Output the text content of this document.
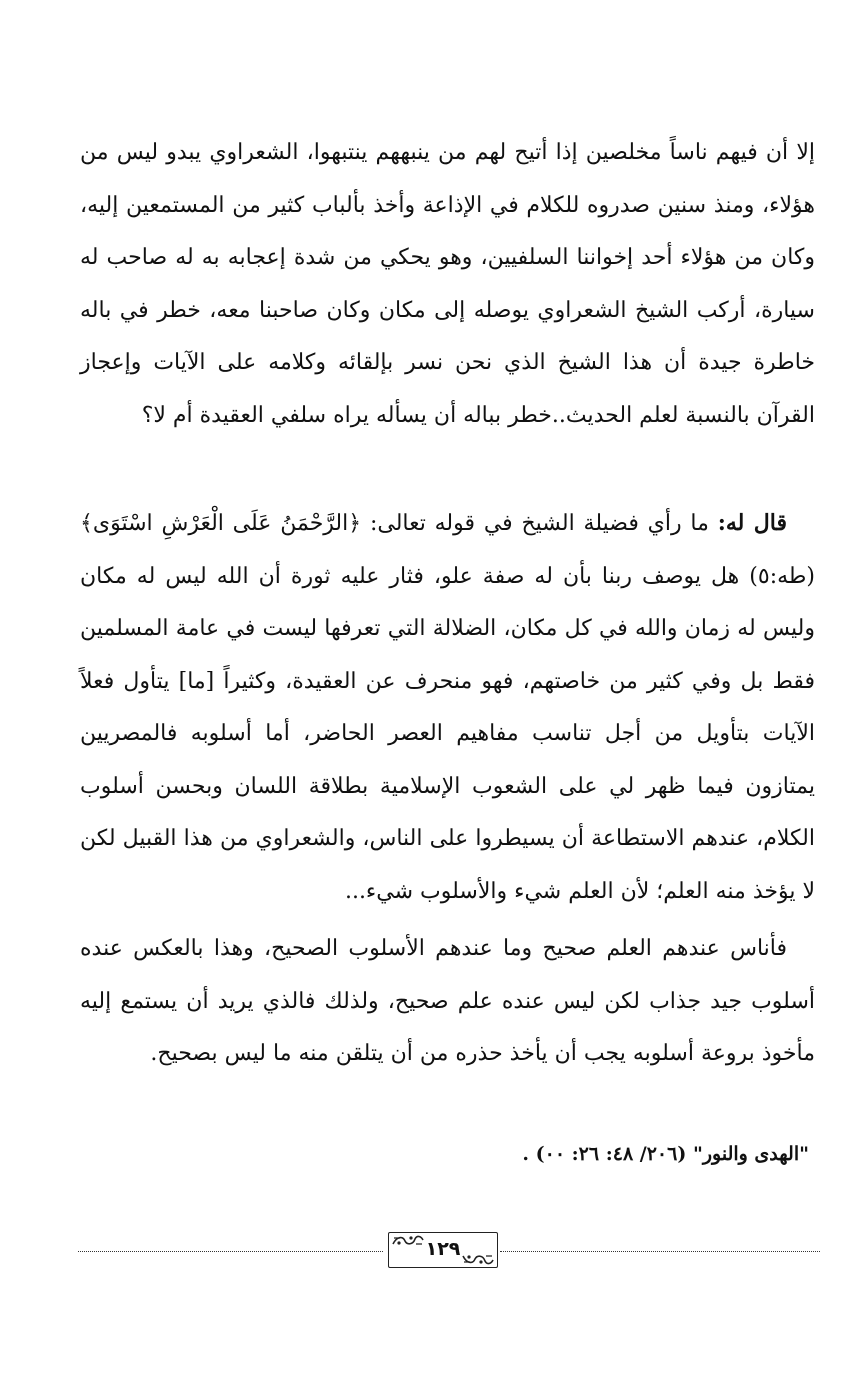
إلا أن فيهم ناساً مخلصين إذا أتيح لهم من ينبههم ينتبهوا، الشعراوي يبدو ليس من هؤلاء، ومنذ سنين صدروه للكلام في الإذاعة وأخذ بألباب كثير من المستمعين إليه، وكان من هؤلاء أحد إخواننا السلفيين، وهو يحكي من شدة إعجابه به له صاحب له سيارة، أركب الشيخ الشعراوي يوصله إلى مكان وكان صاحبنا معه، خطر في باله خاطرة جيدة أن هذا الشيخ الذي نحن نسر بإلقائه وكلامه على الآيات وإعجاز القرآن بالنسبة لعلم الحديث..خطر بباله أن يسأله يراه سلفي العقيدة أم لا؟

قال له: ما رأي فضيلة الشيخ في قوله تعالى: ﴿الرَّحْمَنُ عَلَى الْعَرْشِ اسْتَوَى﴾(طه:٥) هل يوصف ربنا بأن له صفة علو، فثار عليه ثورة أن الله ليس له مكان وليس له زمان والله في كل مكان، الضلالة التي تعرفها ليست في عامة المسلمين فقط بل وفي كثير من خاصتهم، فهو منحرف عن العقيدة، وكثيراً [ما] يتأول فعلاً الآيات بتأويل من أجل تناسب مفاهيم العصر الحاضر، أما أسلوبه فالمصريين يمتازون فيما ظهر لي على الشعوب الإسلامية بطلاقة اللسان وبحسن أسلوب الكلام، عندهم الاستطاعة أن يسيطروا على الناس، والشعراوي من هذا القبيل لكن لا يؤخذ منه العلم؛ لأن العلم شيء والأسلوب شيء...

فأناس عندهم العلم صحيح وما عندهم الأسلوب الصحيح، وهذا بالعكس عنده أسلوب جيد جذاب لكن ليس عنده علم صحيح، ولذلك فالذي يريد أن يستمع إليه مأخوذ بروعة أسلوبه يجب أن يأخذ حذره من أن يتلقن منه ما ليس بصحيح.

"الهدى والنور" (٢٠٦/ ٤٨: ٢٦: ٠٠) .
١٢٩
